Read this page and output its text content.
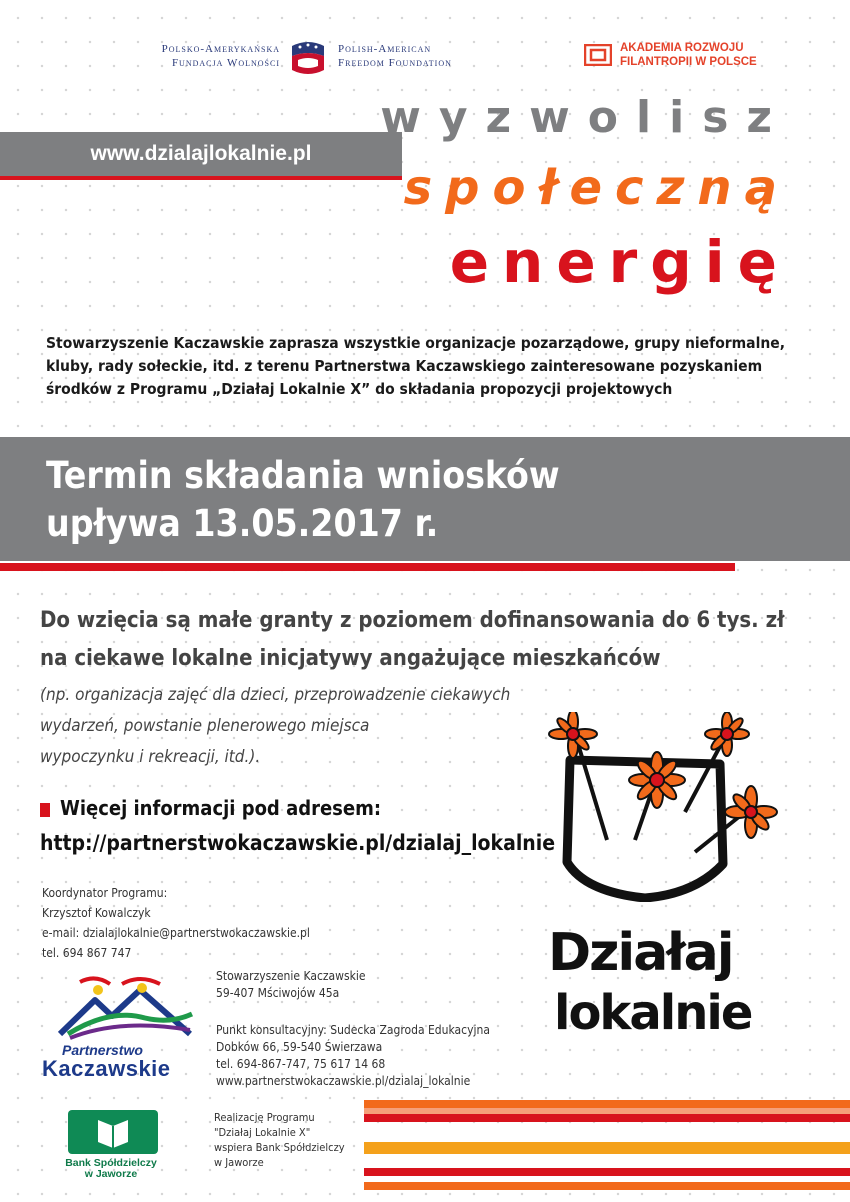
Polsko-Amerykańska
Fundacja Wolności
Polish-American
Freedom Foundation
AKADEMIA ROZWOJU
FILANTROPII W POLSCE
www.dzialajlokalnie.pl
wyzwolisz
społeczną
energię
Stowarzyszenie Kaczawskie zaprasza wszystkie organizacje pozarządowe, grupy nieformalne, kluby, rady sołeckie, itd. z terenu Partnerstwa Kaczawskiego zainteresowane pozyskaniem środków z Programu „Działaj Lokalnie X” do składania propozycji projektowych
Termin składania wniosków
upływa 13.05.2017 r.
Do wzięcia są małe granty z poziomem dofinansowania do 6 tys. zł
na ciekawe lokalne inicjatywy angażujące mieszkańców
(np. organizacja zajęć dla dzieci, przeprowadzenie ciekawych
wydarzeń, powstanie plenerowego miejsca
wypoczynku i rekreacji, itd.).
Więcej informacji pod adresem:
http://partnerstwokaczawskie.pl/dzialaj_lokalnie
Koordynator Programu:
Krzysztof Kowalczyk
e-mail: dzialajlokalnie@partnerstwokaczawskie.pl
tel. 694 867 747
Stowarzyszenie Kaczawskie
59-407 Mściwojów 45a
Punkt konsultacyjny: Sudecka Zagroda Edukacyjna
Dobków 66, 59-540 Świerzawa
tel. 694-867-747, 75 617 14 68
www.partnerstwokaczawskie.pl/dzialaj_lokalnie
Realizację Programu
"Działaj Lokalnie X"
wspiera Bank Spółdzielczy
w Jaworze
Działaj
lokalnie
Partnerstwo
Kaczawskie
Bank Spółdzielczy
w Jaworze
